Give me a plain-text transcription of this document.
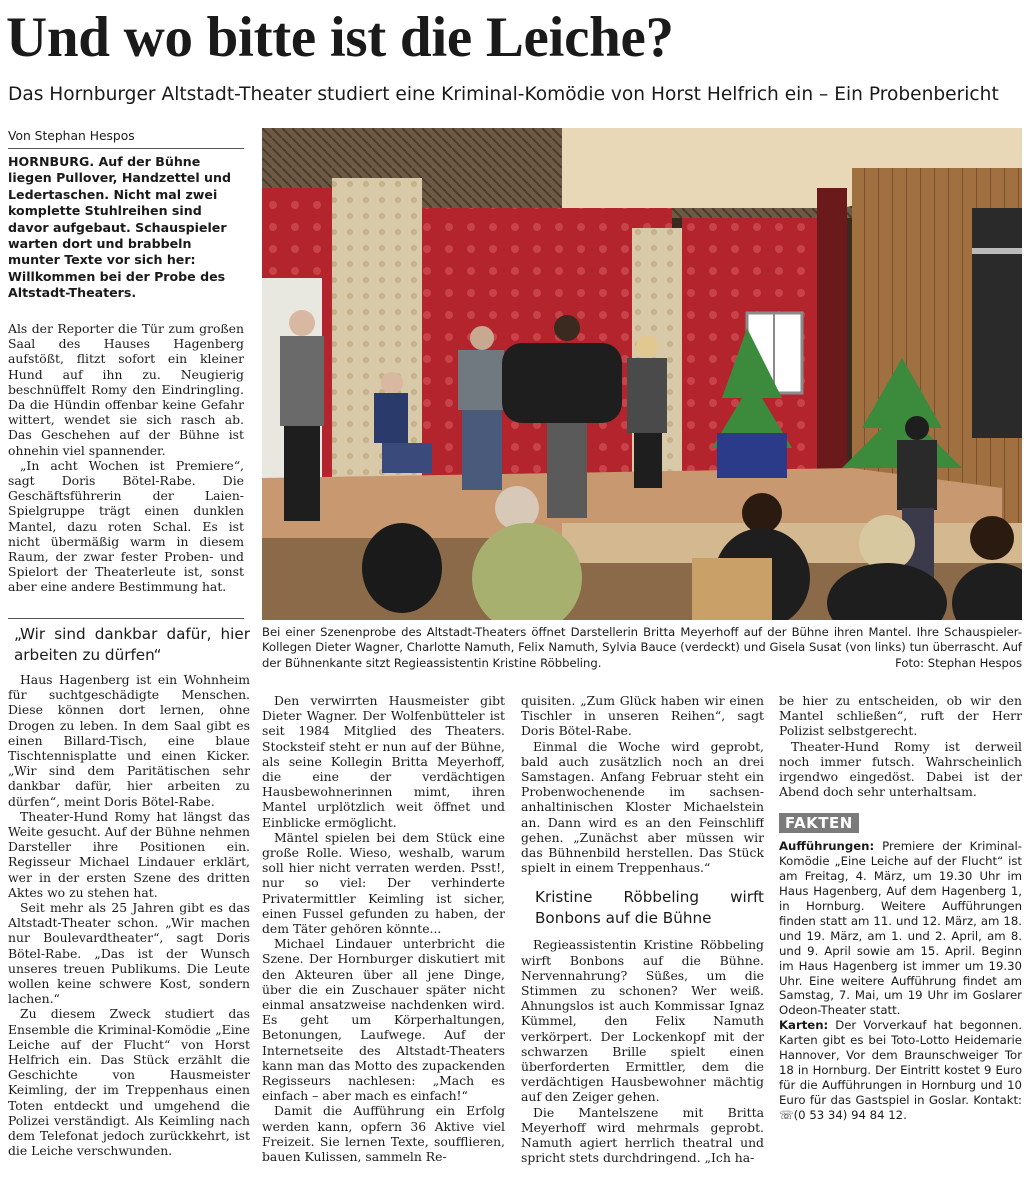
Und wo bitte ist die Leiche?
Das Hornburger Altstadt-Theater studiert eine Kriminal-Komödie von Horst Helfrich ein – Ein Probenbericht
Von Stephan Hespos

HORNBURG. Auf der Bühne liegen Pullover, Handzettel und Ledertaschen. Nicht mal zwei komplette Stuhlreihen sind davor aufgebaut. Schauspieler warten dort und brabbeln munter Texte vor sich her: Willkommen bei der Probe des Altstadt-Theaters.

Als der Reporter die Tür zum großen Saal des Hauses Hagenberg aufstößt, flitzt sofort ein kleiner Hund auf ihn zu. Neugierig beschnüffelt Romy den Eindringling. Da die Hündin offenbar keine Gefahr wittert, wendet sie sich rasch ab. Das Geschehen auf der Bühne ist ohnehin viel spannender.

„In acht Wochen ist Premiere“, sagt Doris Bötel-Rabe. Die Geschäftsführerin der Laien-Spielgruppe trägt einen dunklen Mantel, dazu roten Schal. Es ist nicht übermäßig warm in diesem Raum, der zwar fester Proben- und Spielort der Theaterleute ist, sonst aber eine andere Bestimmung hat.

„Wir sind dankbar dafür, hier arbeiten zu dürfen“

Haus Hagenberg ist ein Wohnheim für suchtgeschädigte Menschen. Diese können dort lernen, ohne Drogen zu leben. In dem Saal gibt es einen Billard-Tisch, eine blaue Tischtennisplatte und einen Kicker. „Wir sind dem Paritätischen sehr dankbar dafür, hier arbeiten zu dürfen“, meint Doris Bötel-Rabe.

Theater-Hund Romy hat längst das Weite gesucht. Auf der Bühne nehmen Darsteller ihre Positionen ein. Regisseur Michael Lindauer erklärt, wer in der ersten Szene des dritten Aktes wo zu stehen hat.

Seit mehr als 25 Jahren gibt es das Altstadt-Theater schon. „Wir machen nur Boulevardtheater“, sagt Doris Bötel-Rabe. „Das ist der Wunsch unseres treuen Publikums. Die Leute wollen keine schwere Kost, sondern lachen.“

Zu diesem Zweck studiert das Ensemble die Kriminal-Komödie „Eine Leiche auf der Flucht“ von Horst Helfrich ein. Das Stück erzählt die Geschichte von Hausmeister Keimling, der im Treppenhaus einen Toten entdeckt und umgehend die Polizei verständigt. Als Keimling nach dem Telefonat jedoch zurückkehrt, ist die Leiche verschwunden.

Bei einer Szenenprobe des Altstadt-Theaters öffnet Darstellerin Britta Meyerhoff auf der Bühne ihren Mantel. Ihre Schauspieler-Kollegen Dieter Wagner, Charlotte Namuth, Felix Namuth, Sylvia Bauce (verdeckt) und Gisela Susat (von links) tun überrascht. Auf der Bühnenkante sitzt Regieassistentin Kristine Röbbeling.	Foto: Stephan Hespos

Den verwirrten Hausmeister gibt Dieter Wagner. Der Wolfenbütteler ist seit 1984 Mitglied des Theaters. Stocksteif steht er nun auf der Bühne, als seine Kollegin Britta Meyerhoff, die eine der verdächtigen Hausbewohnerinnen mimt, ihren Mantel urplötzlich weit öffnet und Einblicke ermöglicht.

Mäntel spielen bei dem Stück eine große Rolle. Wieso, weshalb, warum soll hier nicht verraten werden. Psst!, nur so viel: Der verhinderte Privatermittler Keimling ist sicher, einen Fussel gefunden zu haben, der dem Täter gehören könnte...

Michael Lindauer unterbricht die Szene. Der Hornburger diskutiert mit den Akteuren über all jene Dinge, über die ein Zuschauer später nicht einmal ansatzweise nachdenken wird. Es geht um Körperhaltungen, Betonungen, Laufwege. Auf der Internetseite des Altstadt-Theaters kann man das Motto des zupackenden Regisseurs nachlesen: „Mach es einfach – aber mach es einfach!“

Damit die Aufführung ein Erfolg werden kann, opfern 36 Aktive viel Freizeit. Sie lernen Texte, soufflieren, bauen Kulissen, sammeln Re-

quisiten. „Zum Glück haben wir einen Tischler in unseren Reihen“, sagt Doris Bötel-Rabe.

Einmal die Woche wird geprobt, bald auch zusätzlich noch an drei Samstagen. Anfang Februar steht ein Probenwochenende im sachsen-anhaltinischen Kloster Michaelstein an. Dann wird es an den Feinschliff gehen. „Zunächst aber müssen wir das Bühnenbild herstellen. Das Stück spielt in einem Treppenhaus.“

Kristine Röbbeling wirft Bonbons auf die Bühne

Regieassistentin Kristine Röbbeling wirft Bonbons auf die Bühne. Nervennahrung? Süßes, um die Stimmen zu schonen? Wer weiß. Ahnungslos ist auch Kommissar Ignaz Kümmel, den Felix Namuth verkörpert. Der Lockenkopf mit der schwarzen Brille spielt einen überforderten Ermittler, dem die verdächtigen Hausbewohner mächtig auf den Zeiger gehen.

Die Mantelszene mit Britta Meyerhoff wird mehrmals geprobt. Namuth agiert herrlich theatral und spricht stets durchdringend. „Ich ha-

be hier zu entscheiden, ob wir den Mantel schließen“, ruft der Herr Polizist selbstgerecht.

Theater-Hund Romy ist derweil noch immer futsch. Wahrscheinlich irgendwo eingedöst. Dabei ist der Abend doch sehr unterhaltsam.

FAKTEN

Aufführungen: Premiere der Kriminal-Komödie „Eine Leiche auf der Flucht“ ist am Freitag, 4. März, um 19.30 Uhr im Haus Hagenberg, Auf dem Hagenberg 1, in Hornburg. Weitere Aufführungen finden statt am 11. und 12. März, am 18. und 19. März, am 1. und 2. April, am 8. und 9. April sowie am 15. April. Beginn im Haus Hagenberg ist immer um 19.30 Uhr. Eine weitere Aufführung findet am Samstag, 7. Mai, um 19 Uhr im Goslarer Odeon-Theater statt.

Karten: Der Vorverkauf hat begonnen. Karten gibt es bei Toto-Lotto Heidemarie Hannover, Vor dem Braunschweiger Tor 18 in Hornburg. Der Eintritt kostet 9 Euro für die Aufführungen in Hornburg und 10 Euro für das Gastspiel in Goslar. Kontakt: ☏(0 53 34) 94 84 12.
